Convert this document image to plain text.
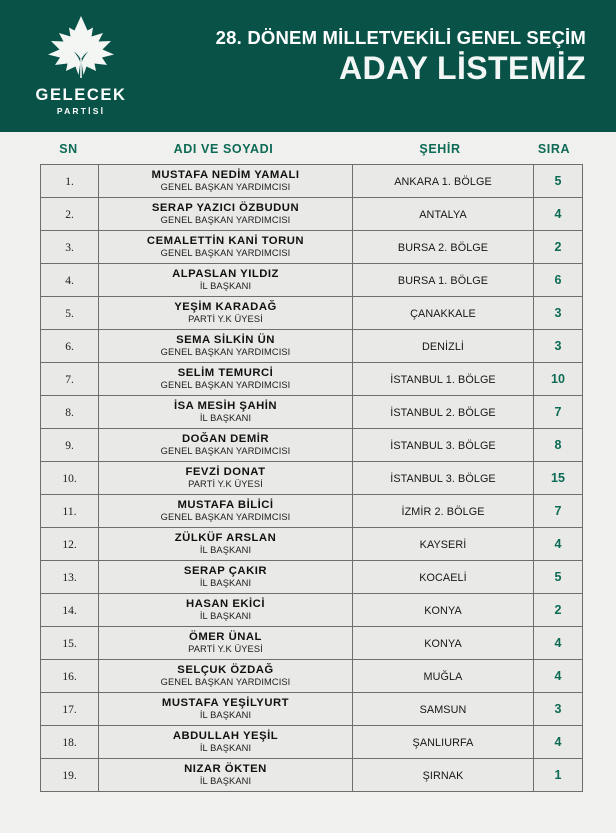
GELECEK
PARTİSİ
28. DÖNEM MİLLETVEKİLİ GENEL SEÇİM
ADAY LİSTEMİZ
SN	ADI VE SOYADI	ŞEHİR	SIRA
1.	MUSTAFA NEDİM YAMALI
GENEL BAŞKAN YARDIMCISI	ANKARA 1. BÖLGE	5
2.	SERAP YAZICI ÖZBUDUN
GENEL BAŞKAN YARDIMCISI	ANTALYA	4
3.	CEMALETTİN KANİ TORUN
GENEL BAŞKAN YARDIMCISI	BURSA 2. BÖLGE	2
4.	ALPASLAN YILDIZ
İL BAŞKANI	BURSA 1. BÖLGE	6
5.	YEŞİM KARADAĞ
PARTİ Y.K ÜYESİ	ÇANAKKALE	3
6.	SEMA SİLKİN ÜN
GENEL BAŞKAN YARDIMCISI	DENİZLİ	3
7.	SELİM TEMURCİ
GENEL BAŞKAN YARDIMCISI	İSTANBUL 1. BÖLGE	10
8.	İSA MESİH ŞAHİN
İL BAŞKANI	İSTANBUL 2. BÖLGE	7
9.	DOĞAN DEMİR
GENEL BAŞKAN YARDIMCISI	İSTANBUL 3. BÖLGE	8
10.	FEVZİ DONAT
PARTİ Y.K ÜYESİ	İSTANBUL 3. BÖLGE	15
11.	MUSTAFA BİLİCİ
GENEL BAŞKAN YARDIMCISI	İZMİR 2. BÖLGE	7
12.	ZÜLKÜF ARSLAN
İL BAŞKANI	KAYSERİ	4
13.	SERAP ÇAKIR
İL BAŞKANI	KOCAELİ	5
14.	HASAN EKİCİ
İL BAŞKANI	KONYA	2
15.	ÖMER ÜNAL
PARTİ Y.K ÜYESİ	KONYA	4
16.	SELÇUK ÖZDAĞ
GENEL BAŞKAN YARDIMCISI	MUĞLA	4
17.	MUSTAFA YEŞİLYURT
İL BAŞKANI	SAMSUN	3
18.	ABDULLAH YEŞİL
İL BAŞKANI	ŞANLIURFA	4
19.	NIZAR ÖKTEN
İL BAŞKANI	ŞIRNAK	1
